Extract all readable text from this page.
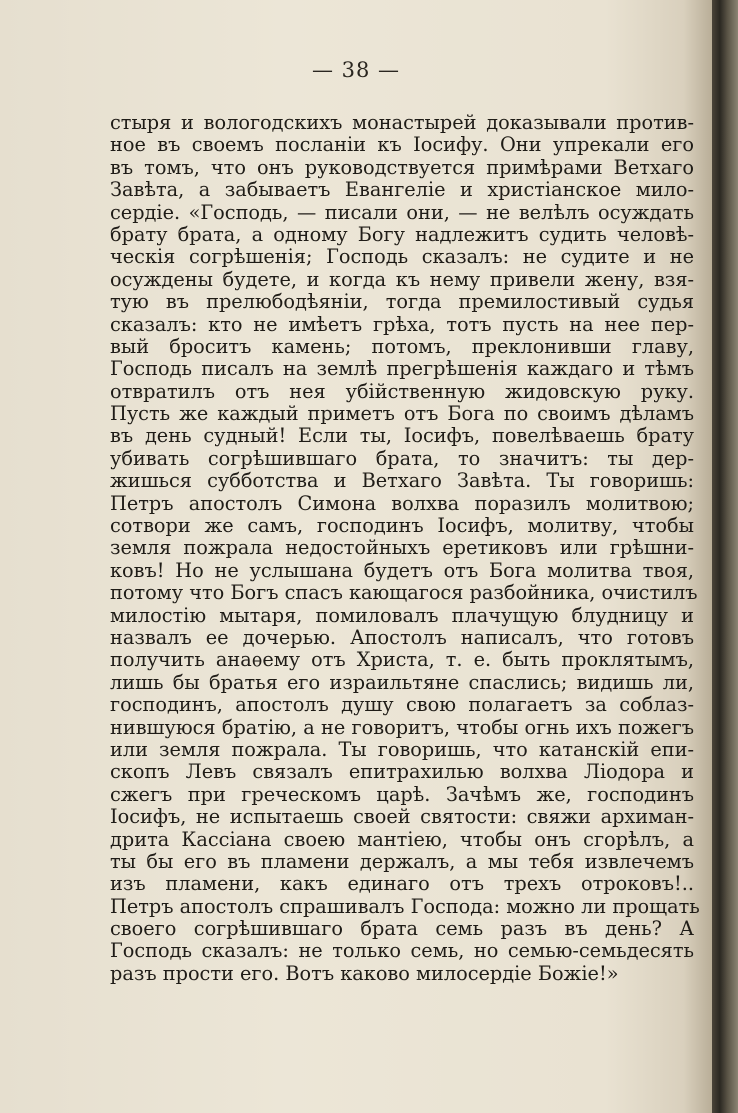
— 38 —
стыря и вологодскихъ монастырей доказывали против-
ное въ своемъ посланіи къ Іосифу. Они упрекали его
въ томъ, что онъ руководствуется примѣрами Ветхаго
Завѣта, а забываетъ Евангеліе и христіанское мило-
сердіе. «Господь, — писали они, — не велѣлъ осуждать
брату брата, а одному Богу надлежитъ судить человѣ-
ческія согрѣшенія; Господь сказалъ: не судите и не
осуждены будете, и когда къ нему привели жену, взя-
тую въ прелюбодѣяніи, тогда премилостивый судья
сказалъ: кто не имѣетъ грѣха, тотъ пусть на нее пер-
вый броситъ камень; потомъ, преклонивши главу,
Господь писалъ на землѣ прегрѣшенія каждаго и тѣмъ
отвратилъ отъ нея убійственную жидовскую руку.
Пусть же каждый приметъ отъ Бога по своимъ дѣламъ
въ день судный! Если ты, Іосифъ, повелѣваешь брату
убивать согрѣшившаго брата, то значитъ: ты дер-
жишься субботства и Ветхаго Завѣта. Ты говоришь:
Петръ апостолъ Симона волхва поразилъ молитвою;
сотвори же самъ, господинъ Іосифъ, молитву, чтобы
земля пожрала недостойныхъ еретиковъ или грѣшни-
ковъ! Но не услышана будетъ отъ Бога молитва твоя,
потому что Богъ спасъ кающагося разбойника, очистилъ
милостію мытаря, помиловалъ плачущую блудницу и
назвалъ ее дочерью. Апостолъ написалъ, что готовъ
получить анаѳему отъ Христа, т. е. быть проклятымъ,
лишь бы братья его израильтяне спаслись; видишь ли,
господинъ, апостолъ душу свою полагаетъ за соблаз-
нившуюся братію, а не говоритъ, чтобы огнь ихъ пожегъ
или земля пожрала. Ты говоришь, что катанскій епи-
скопъ Левъ связалъ епитрахилью волхва Ліодора и
сжегъ при греческомъ царѣ. Зачѣмъ же, господинъ
Іосифъ, не испытаешь своей святости: свяжи архиман-
дрита Кассіана своею мантіею, чтобы онъ сгорѣлъ, а
ты бы его въ пламени держалъ, а мы тебя извлечемъ
изъ пламени, какъ единаго отъ трехъ отроковъ!..
Петръ апостолъ спрашивалъ Господа: можно ли прощать
своего согрѣшившаго брата семь разъ въ день? А
Господь сказалъ: не только семь, но семью-семьдесять
разъ прости его. Вотъ каково милосердіе Божіе!»
